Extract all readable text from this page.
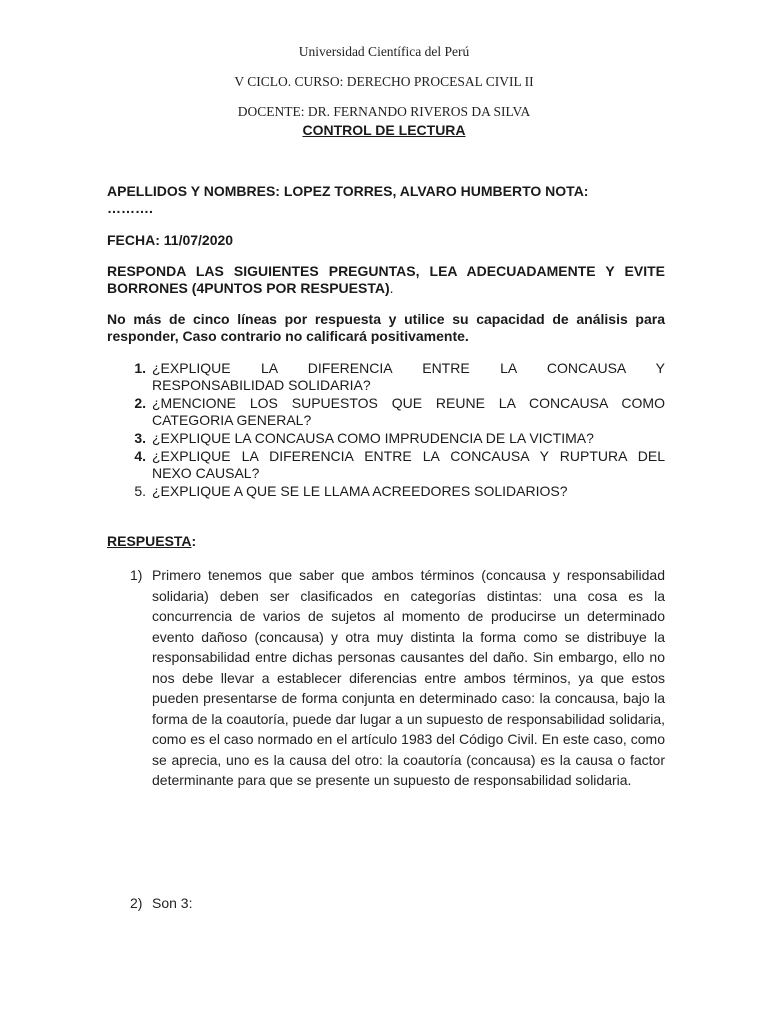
Universidad Científica del Perú
V CICLO. CURSO: DERECHO PROCESAL CIVIL II
DOCENTE: DR. FERNANDO RIVEROS DA SILVA
CONTROL DE LECTURA
APELLIDOS Y NOMBRES: LOPEZ TORRES, ALVARO HUMBERTO NOTA:
……….
FECHA: 11/07/2020
RESPONDA LAS SIGUIENTES PREGUNTAS, LEA ADECUADAMENTE Y EVITE BORRONES (4PUNTOS POR RESPUESTA).
No más de cinco líneas por respuesta y utilice su capacidad de análisis para responder, Caso contrario no calificará positivamente.
1. ¿EXPLIQUE LA DIFERENCIA ENTRE LA CONCAUSA Y
RESPONSABILIDAD SOLIDARIA?
2. ¿MENCIONE LOS SUPUESTOS QUE REUNE LA CONCAUSA COMO
CATEGORIA GENERAL?
3. ¿EXPLIQUE LA CONCAUSA COMO IMPRUDENCIA DE LA VICTIMA?
4. ¿EXPLIQUE LA DIFERENCIA ENTRE LA CONCAUSA Y RUPTURA DEL
NEXO CAUSAL?
5. ¿EXPLIQUE A QUE SE LE LLAMA ACREEDORES SOLIDARIOS?
RESPUESTA:
1) Primero tenemos que saber que ambos términos (concausa y responsabilidad solidaria) deben ser clasificados en categorías distintas: una cosa es la concurrencia de varios de sujetos al momento de producirse un determinado evento dañoso (concausa) y otra muy distinta la forma como se distribuye la responsabilidad entre dichas personas causantes del daño. Sin embargo, ello no nos debe llevar a establecer diferencias entre ambos términos, ya que estos pueden presentarse de forma conjunta en determinado caso: la concausa, bajo la forma de la coautoría, puede dar lugar a un supuesto de responsabilidad solidaria, como es el caso normado en el artículo 1983 del Código Civil. En este caso, como se aprecia, uno es la causa del otro: la coautoría (concausa) es la causa o factor determinante para que se presente un supuesto de responsabilidad solidaria.
2) Son 3:
